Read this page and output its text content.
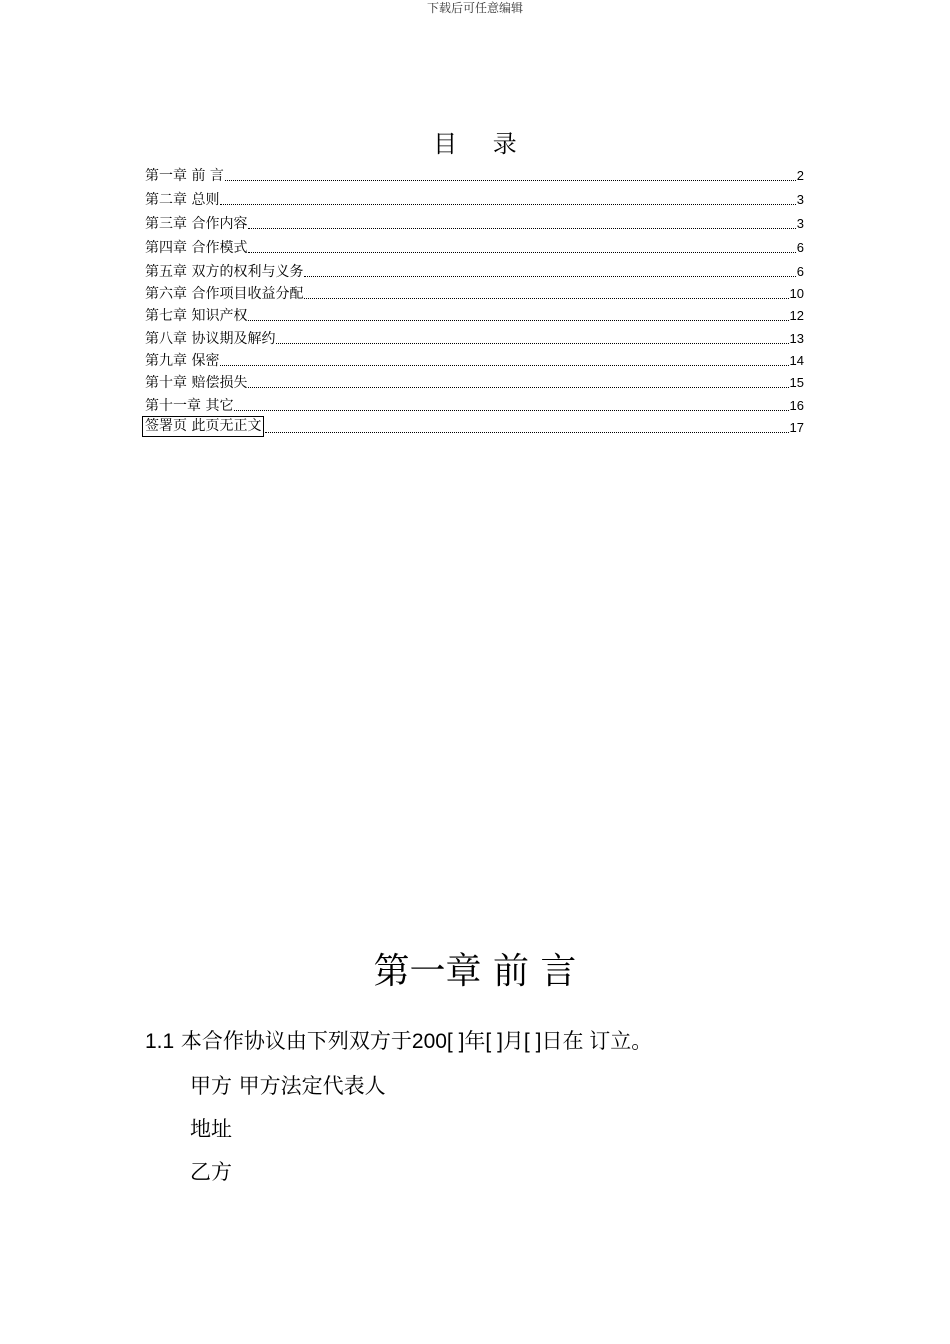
下载后可任意编辑
目 录
第一章 前 言	2
第二章 总则	3
第三章 合作内容	3
第四章 合作模式	6
第五章 双方的权利与义务	6
第六章 合作项目收益分配	10
第七章 知识产权	12
第八章 协议期及解约	13
第九章 保密	14
第十章 赔偿损失	15
第十一章 其它	16
签署页 此页无正文	17
第一章 前 言
1.1 本合作协议由下列双方于200[ ]年[ ]月[ ]日在 订立。
甲方 甲方法定代表人
地址
乙方
